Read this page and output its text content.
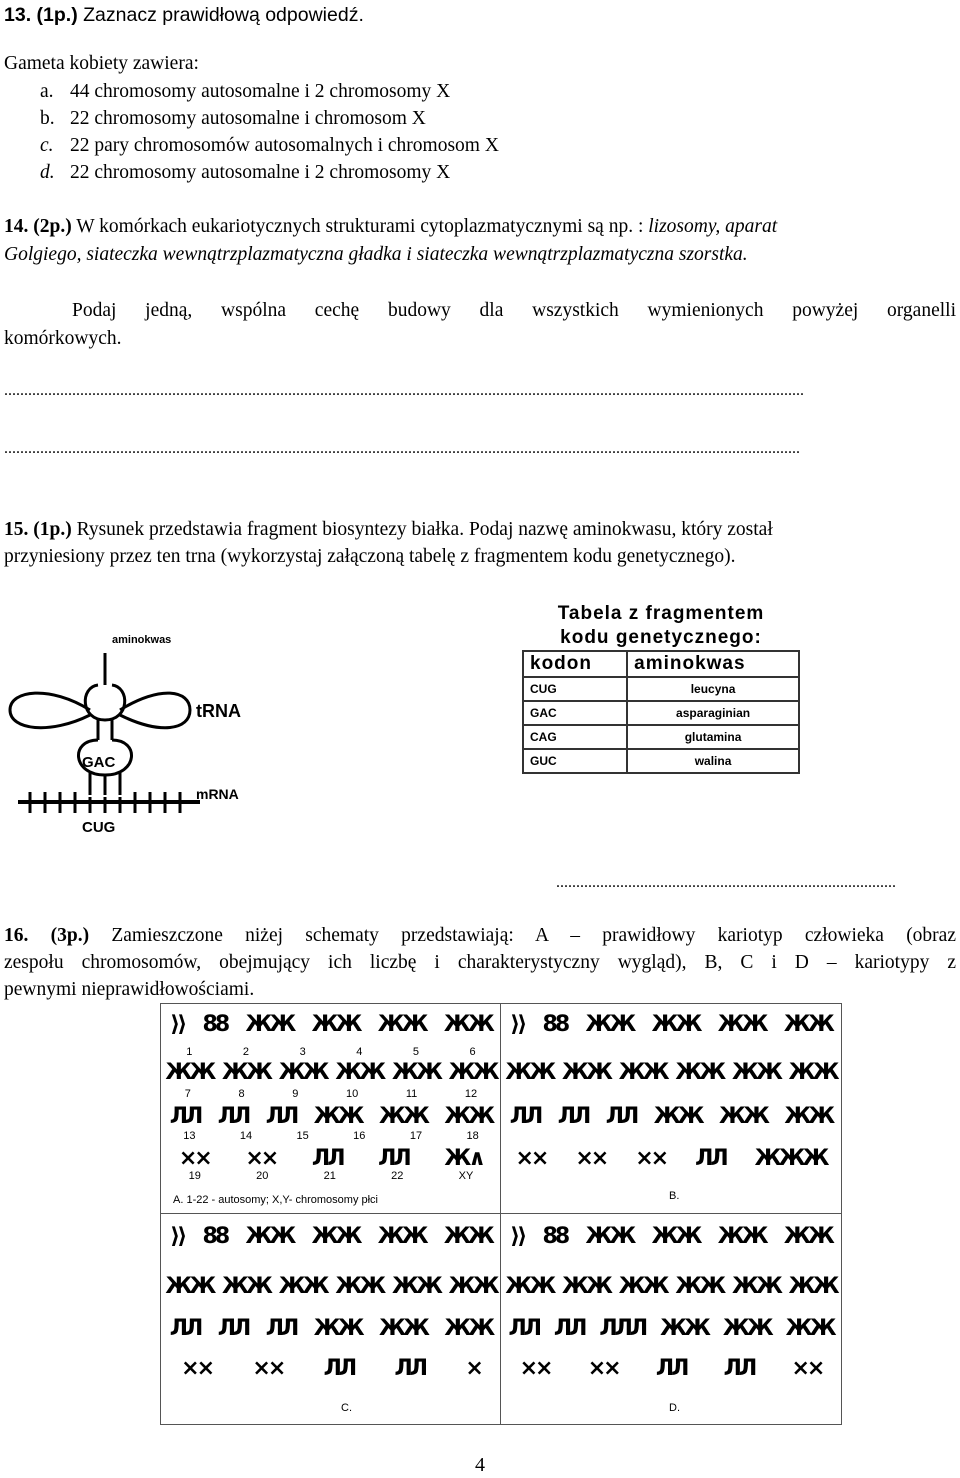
13. (1p.) Zaznacz prawidłową odpowiedź.

Gameta kobiety zawiera:

a. 44 chromosomy autosomalne i 2 chromosomy X
b. 22 chromosomy autosomalne i chromosom X
c. 22 pary chromosomów autosomalnych i chromosom X
d. 22 chromosomy autosomalne i 2 chromosomy X

14. (2p.) W komórkach eukariotycznych strukturami cytoplazmatycznymi są np. : lizosomy, aparat

Golgiego, siateczka wewnątrzplazmatyczna gładka i siateczka wewnątrzplazmatyczna szorstka.

Podaj jedną, wspólna cechę budowy dla wszystkich wymienionych powyżej organelli

komórkowych.

........................................................................................................................................................................................................
.......................................................................................................................................................................................................

15. (1p.) Rysunek przedstawia fragment biosyntezy białka. Podaj nazwę aminokwasu, który został

przyniesiony przez ten trna (wykorzystaj załączoną tabelę z fragmentem kodu genetycznego).

aminokwas
tRNA
mRNA
GAC
CUG
Tabela z fragmentem
kodu genetycznego:
kodon	aminokwas
CUG	leucyna
GAC	asparaginian
CAG	glutamina
GUC	walina
.....................................................................................

16. (3p.) Zamieszczone niżej schematy przedstawiają: A – prawidłowy kariotyp człowieka (obraz

zespołu chromosomów, obejmujący ich liczbę i charakterystyczny wygląd), B, C i D – kariotypy z

pewnymi nieprawidłowościami.

⟩⟩ 88 ЖЖ ЖЖ ЖЖ ЖЖ
1	2	3	4	5	6
ЖЖ ЖЖ ЖЖ ЖЖ ЖЖ ЖЖ
7	8	9	10	11	12
ЛЛ ЛЛ ЛЛ ЖЖ ЖЖ ЖЖ
13	14	15	16	17	18
×× ×× ЛЛ ЛЛ Ж∧
19	20	21	22	XY
A. 1-22 - autosomy; X,Y- chromosomy płci
⟩⟩ 88 ЖЖ ЖЖ ЖЖ ЖЖ
ЖЖ ЖЖ ЖЖ ЖЖ ЖЖ ЖЖ
ЛЛ ЛЛ ЛЛ ЖЖ ЖЖ ЖЖ
×× ×× ×× ЛЛ ЖЖЖ
B.
⟩⟩ 88 ЖЖ ЖЖ ЖЖ ЖЖ
ЖЖ ЖЖ ЖЖ ЖЖ ЖЖ ЖЖ
ЛЛ ЛЛ ЛЛ ЖЖ ЖЖ ЖЖ
×× ×× ЛЛ ЛЛ ×
C.
⟩⟩ 88 ЖЖ ЖЖ ЖЖ ЖЖ
ЖЖ ЖЖ ЖЖ ЖЖ ЖЖ ЖЖ
ЛЛ ЛЛ ЛЛЛ ЖЖ ЖЖ ЖЖ
×× ×× ЛЛ ЛЛ ××
D.
4
